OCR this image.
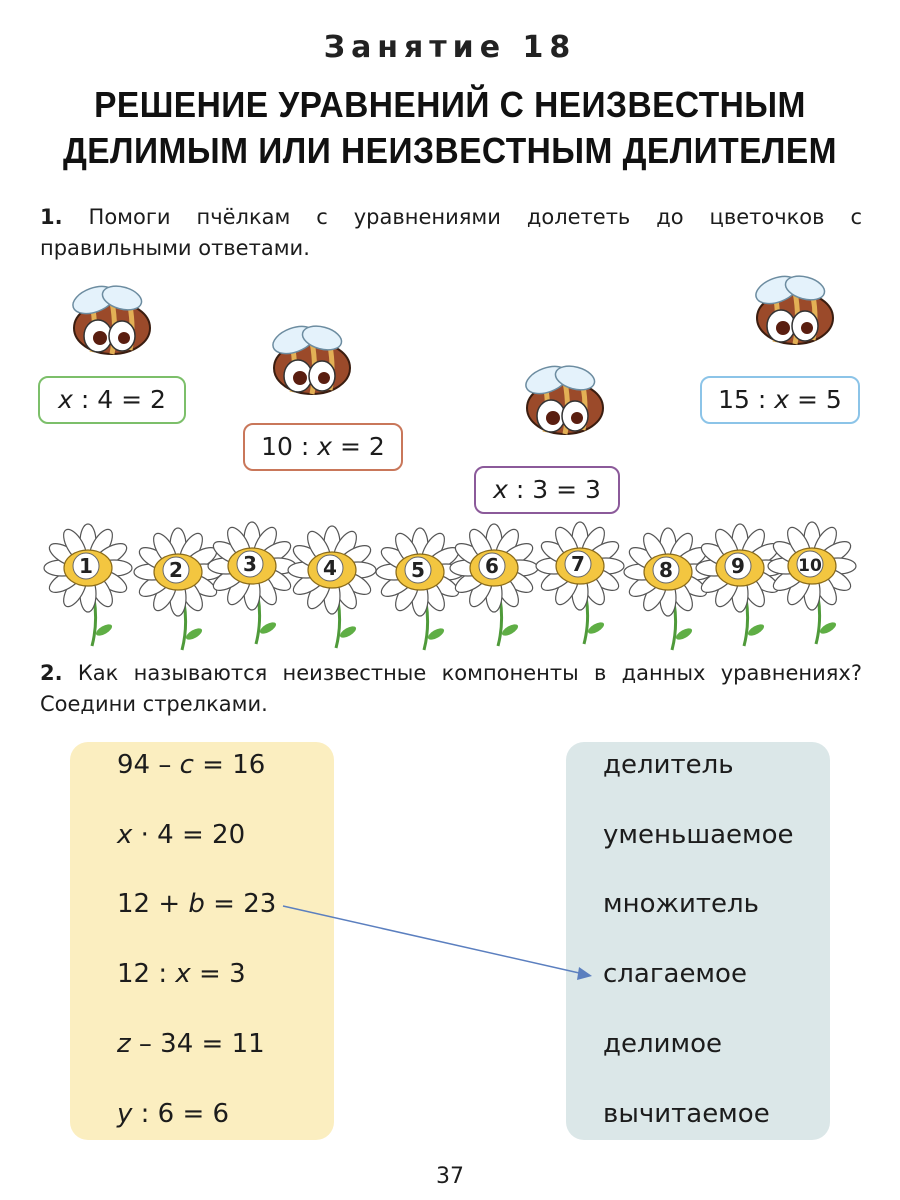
Занятие 18
РЕШЕНИЕ УРАВНЕНИЙ С НЕИЗВЕСТНЫМ
ДЕЛИМЫМ ИЛИ НЕИЗВЕСТНЫМ ДЕЛИТЕЛЕМ
1. Помоги пчёлкам с уравнениями долететь до цветочков с правильными ответами.
x : 4 = 2
10 : x = 2
x : 3 = 3
15 : x = 5
1	2	3	4	5	6	7	8	9	10
2. Как называются неизвестные компоненты в данных уравнениях? Соедини стрелками.
94 – c = 16
x · 4 = 20
12 + b = 23
12 : x = 3
z – 34 = 11
y : 6 = 6
делитель
уменьшаемое
множитель
слагаемое
делимое
вычитаемое
37
